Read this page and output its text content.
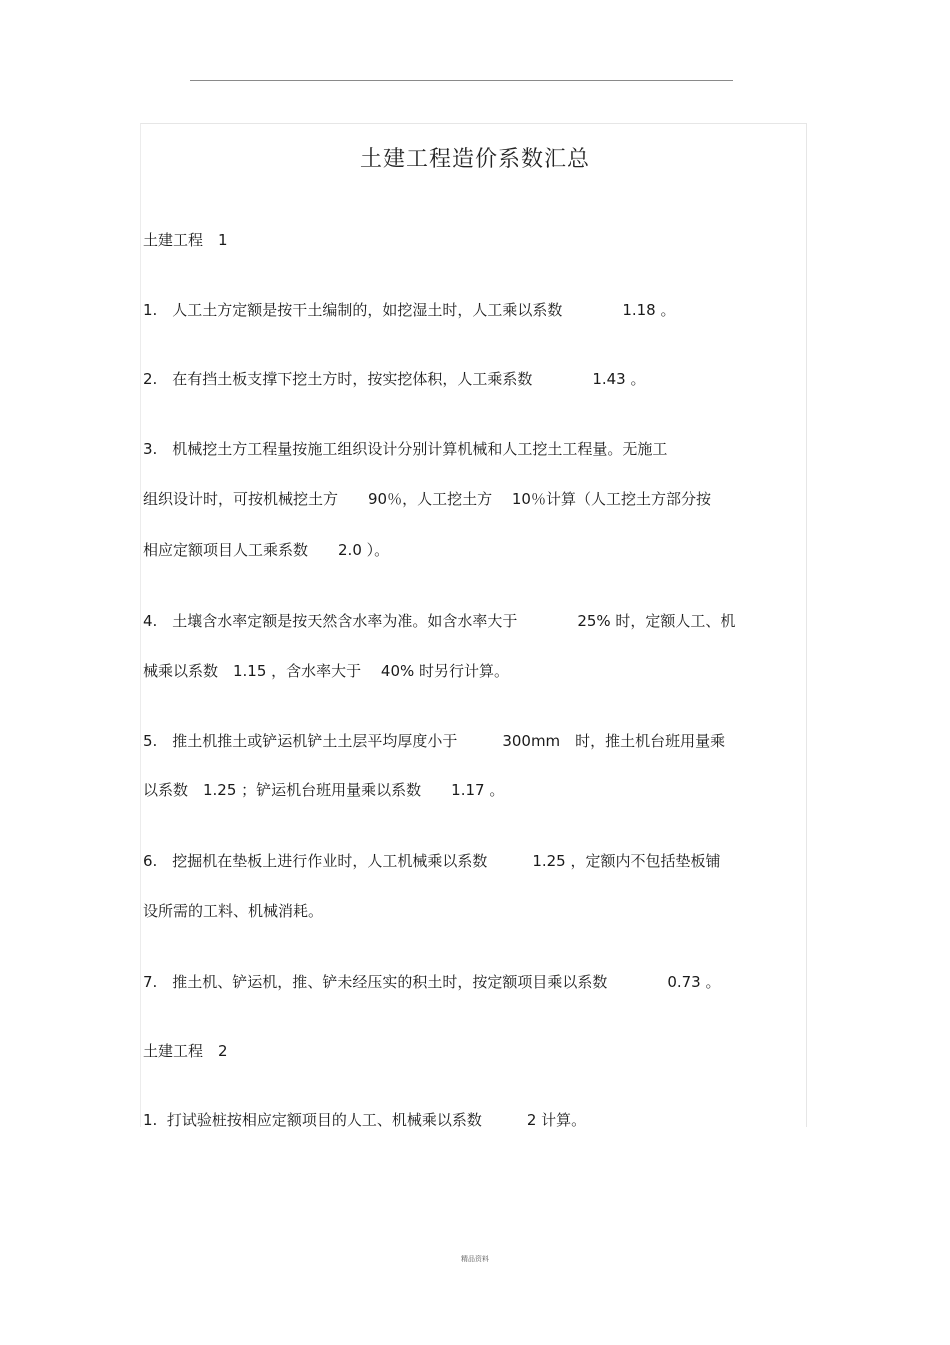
土建工程造价系数汇总
土建工程　1
1.　人工土方定额是按干土编制的，如挖湿土时，人工乘以系数　　　　1.18 。
2.　在有挡土板支撑下挖土方时，按实挖体积，人工乘系数　　　　1.43 。
3.　机械挖土方工程量按施工组织设计分别计算机械和人工挖土工程量。无施工
组织设计时，可按机械挖土方　　90％，人工挖土方　 10％计算（人工挖土方部分按
相应定额项目人工乘系数　　2.0 ）。
4.　土壤含水率定额是按天然含水率为准。如含水率大于　　　　25% 时，定额人工、机
械乘以系数　1.15 ，含水率大于　 40% 时另行计算。
5.　推土机推土或铲运机铲土土层平均厚度小于　　　300mm　时，推土机台班用量乘
以系数　1.25 ；铲运机台班用量乘以系数　　1.17 。
6.　挖掘机在垫板上进行作业时，人工机械乘以系数　　　1.25 ，定额内不包括垫板铺
设所需的工料、机械消耗。
7.　推土机、铲运机，推、铲未经压实的积土时，按定额项目乘以系数　　　　0.73 。
土建工程　2
1.  打试验桩按相应定额项目的人工、机械乘以系数　　　2 计算。
精品资料
